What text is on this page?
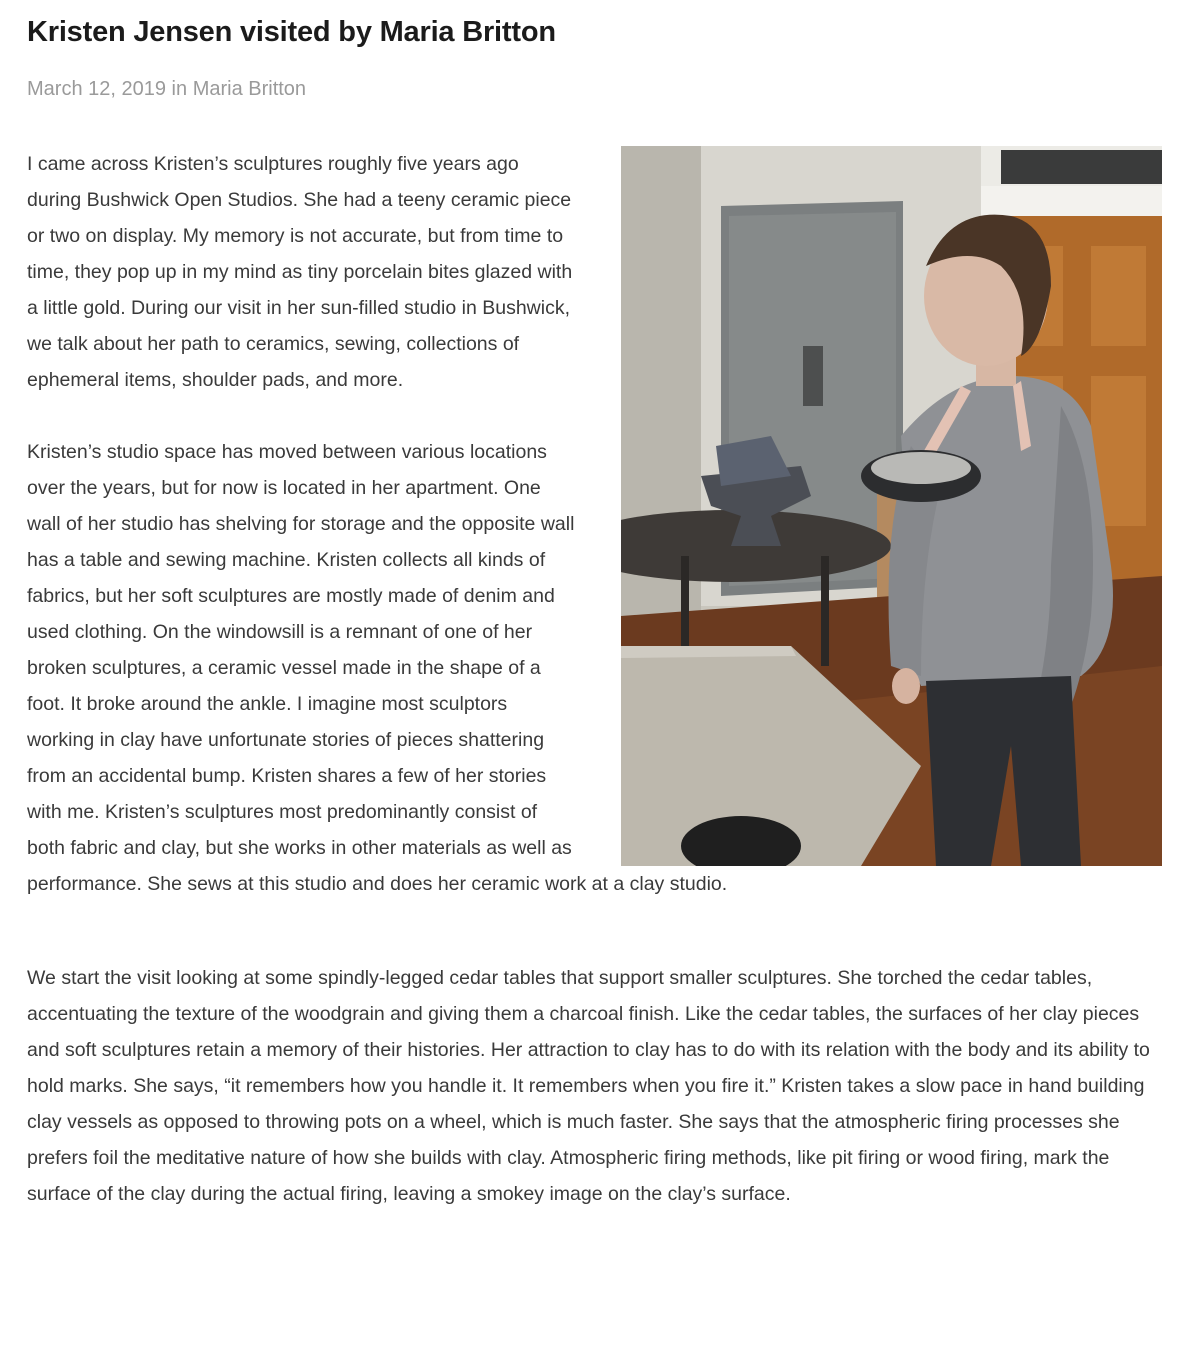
Kristen Jensen visited by Maria Britton
March 12, 2019 in Maria Britton

I came across Kristen’s sculptures roughly five years ago during Bushwick Open Studios. She had a teeny ceramic piece or two on display. My memory is not accurate, but from time to time, they pop up in my mind as tiny porcelain bites glazed with a little gold. During our visit in her sun-filled studio in Bushwick, we talk about her path to ceramics, sewing, collections of ephemeral items, shoulder pads, and more.

Kristen’s studio space has moved between various locations over the years, but for now is located in her apartment. One wall of her studio has shelving for storage and the opposite wall has a table and sewing machine. Kristen collects all kinds of fabrics, but her soft sculptures are mostly made of denim and used clothing. On the windowsill is a remnant of one of her broken sculptures, a ceramic vessel made in the shape of a foot. It broke around the ankle. I imagine most sculptors working in clay have unfortunate stories of pieces shattering from an accidental bump. Kristen shares a few of her stories with me. Kristen’s sculptures most predominantly consist of both fabric and clay, but she works in other materials as well as performance. She sews at this studio and does her ceramic work at a clay studio.

We start the visit looking at some spindly-legged cedar tables that support smaller sculptures. She torched the cedar tables, accentuating the texture of the woodgrain and giving them a charcoal finish. Like the cedar tables, the surfaces of her clay pieces and soft sculptures retain a memory of their histories. Her attraction to clay has to do with its relation with the body and its ability to hold marks. She says, “it remembers how you handle it. It remembers when you fire it.” Kristen takes a slow pace in hand building clay vessels as opposed to throwing pots on a wheel, which is much faster. She says that the atmospheric firing processes she prefers foil the meditative nature of how she builds with clay. Atmospheric firing methods, like pit firing or wood firing, mark the surface of the clay during the actual firing, leaving a smokey image on the clay’s surface.
